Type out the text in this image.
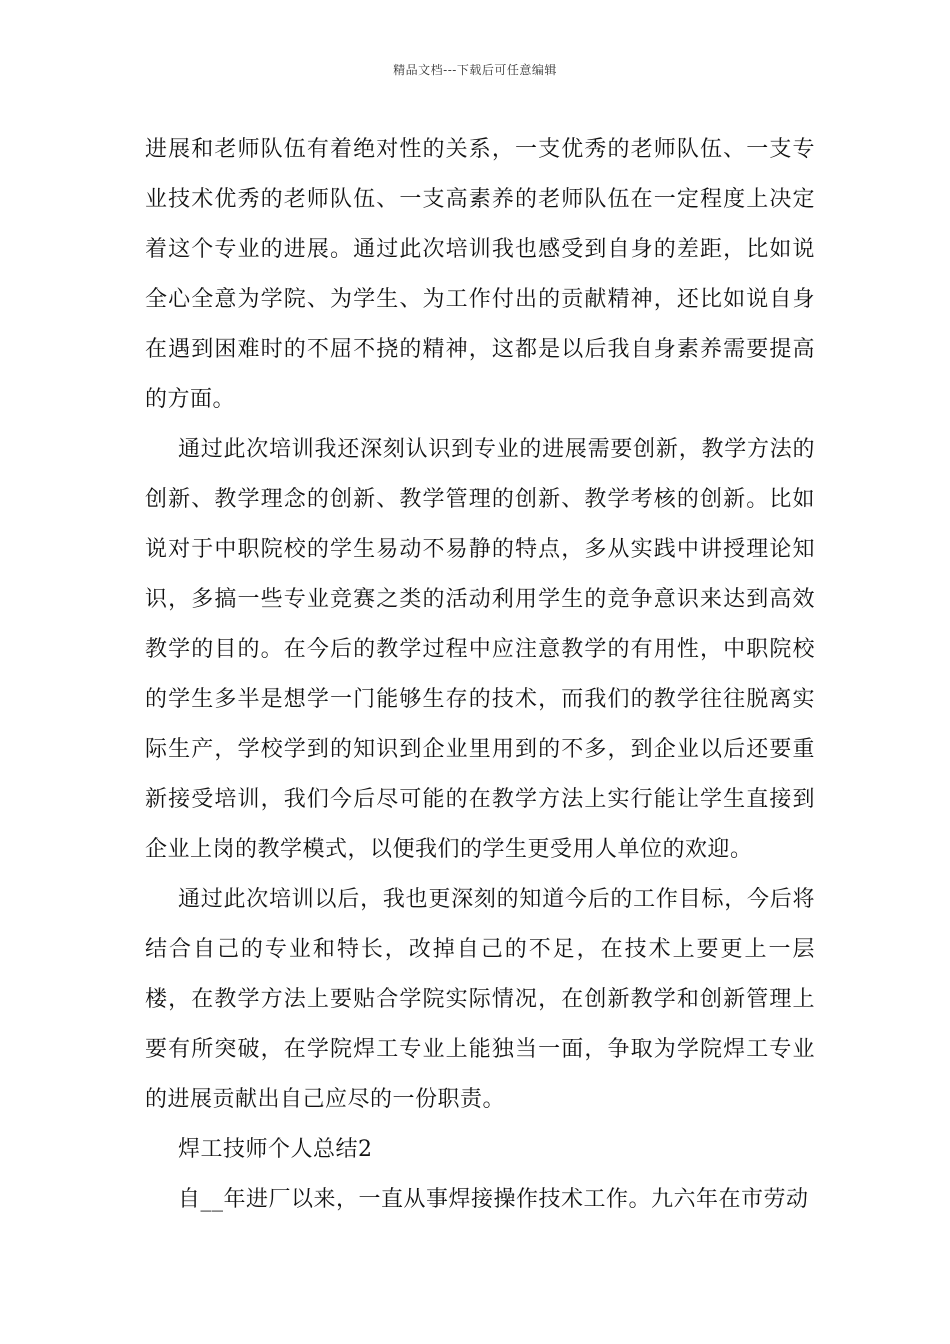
精品文档---下载后可任意编辑

进展和老师队伍有着绝对性的关系，一支优秀的老师队伍、一支专业技术优秀的老师队伍、一支高素养的老师队伍在一定程度上决定着这个专业的进展。通过此次培训我也感受到自身的差距，比如说全心全意为学院、为学生、为工作付出的贡献精神，还比如说自身在遇到困难时的不屈不挠的精神，这都是以后我自身素养需要提高的方面。

通过此次培训我还深刻认识到专业的进展需要创新，教学方法的创新、教学理念的创新、教学管理的创新、教学考核的创新。比如说对于中职院校的学生易动不易静的特点，多从实践中讲授理论知识，多搞一些专业竞赛之类的活动利用学生的竞争意识来达到高效教学的目的。在今后的教学过程中应注意教学的有用性，中职院校的学生多半是想学一门能够生存的技术，而我们的教学往往脱离实际生产，学校学到的知识到企业里用到的不多，到企业以后还要重新接受培训，我们今后尽可能的在教学方法上实行能让学生直接到企业上岗的教学模式，以便我们的学生更受用人单位的欢迎。

通过此次培训以后，我也更深刻的知道今后的工作目标，今后将结合自己的专业和特长，改掉自己的不足，在技术上要更上一层楼，在教学方法上要贴合学院实际情况，在创新教学和创新管理上要有所突破，在学院焊工专业上能独当一面，争取为学院焊工专业的进展贡献出自己应尽的一份职责。

焊工技师个人总结2

自__年进厂以来，一直从事焊接操作技术工作。九六年在市劳动
